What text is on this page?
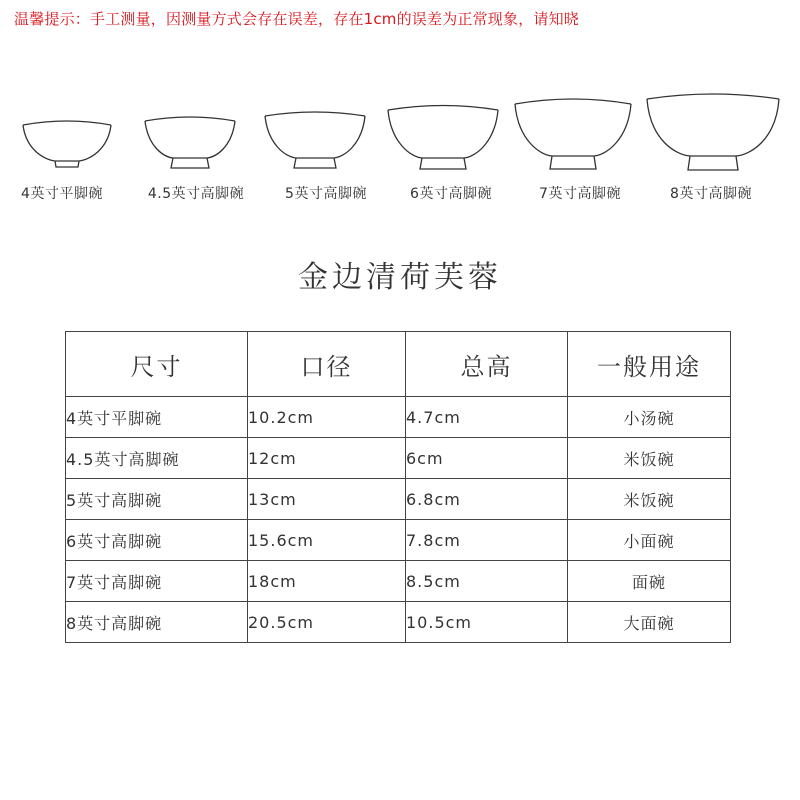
温馨提示：手工测量，因测量方式会存在误差，存在1cm的误差为正常现象，请知晓
4英寸平脚碗	4.5英寸高脚碗	5英寸高脚碗	6英寸高脚碗	7英寸高脚碗	8英寸高脚碗
金边清荷芙蓉
尺寸	口径	总高	一般用途
4英寸平脚碗	10.2cm	4.7cm	小汤碗
4.5英寸高脚碗	12cm	6cm	米饭碗
5英寸高脚碗	13cm	6.8cm	米饭碗
6英寸高脚碗	15.6cm	7.8cm	小面碗
7英寸高脚碗	18cm	8.5cm	面碗
8英寸高脚碗	20.5cm	10.5cm	大面碗
